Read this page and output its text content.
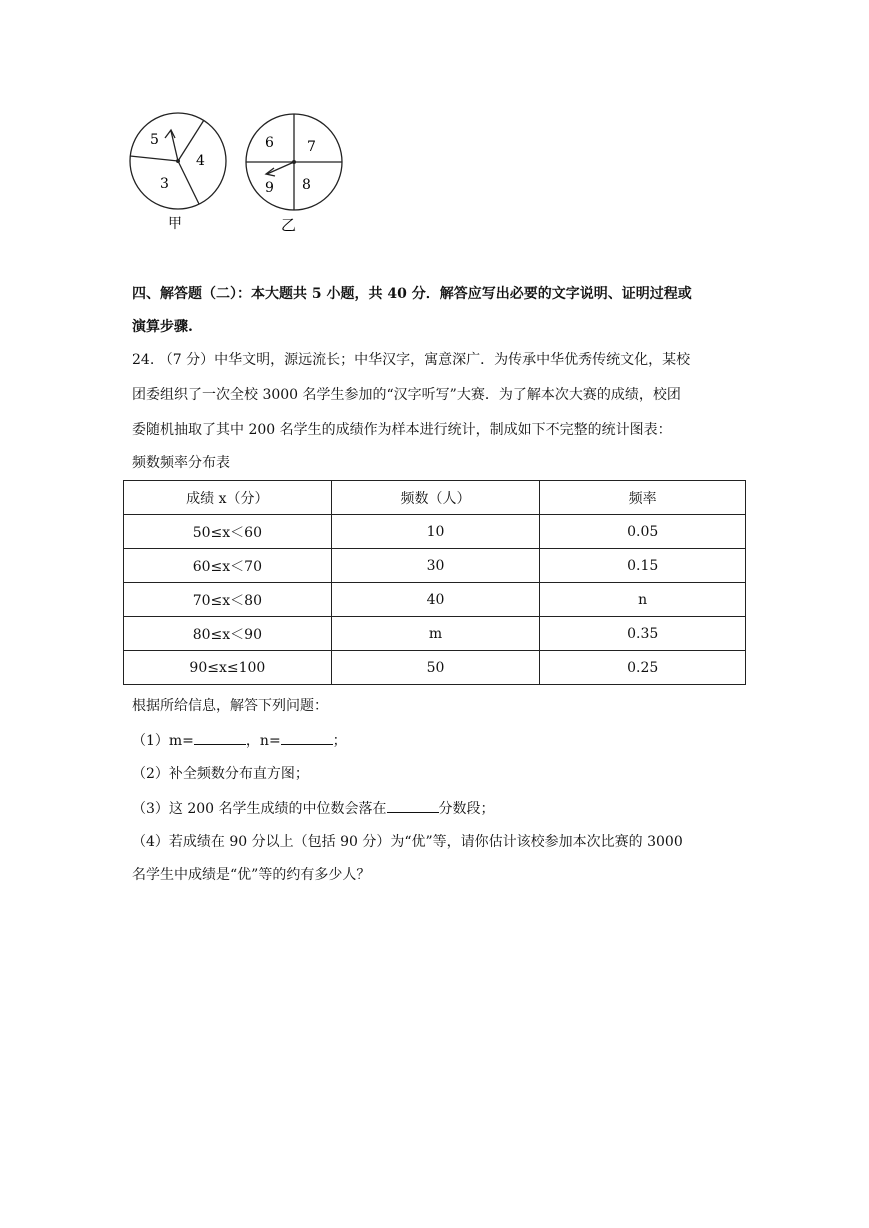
5
4
3
甲
6 7
9 8
乙
四、解答题（二）：本大题共 5 小题，共 40 分．解答应写出必要的文字说明、证明过程或
演算步骤.
24. （7 分）中华文明，源远流长；中华汉字，寓意深广．为传承中华优秀传统文化，某校
团委组织了一次全校 3000 名学生参加的“汉字听写”大赛．为了解本次大赛的成绩，校团
委随机抽取了其中 200 名学生的成绩作为样本进行统计，制成如下不完整的统计图表：
频数频率分布表
成绩 x（分）	频数（人）	频率
50≤x＜60	10	0.05
60≤x＜70	30	0.15
70≤x＜80	40	n
80≤x＜90	m	0.35
90≤x≤100	50	0.25
根据所给信息，解答下列问题：
（1）m=	，n=	；
（2）补全频数分布直方图；
（3）这 200 名学生成绩的中位数会落在	分数段；
（4）若成绩在 90 分以上（包括 90 分）为“优”等，请你估计该校参加本次比赛的 3000
名学生中成绩是“优”等的约有多少人？
